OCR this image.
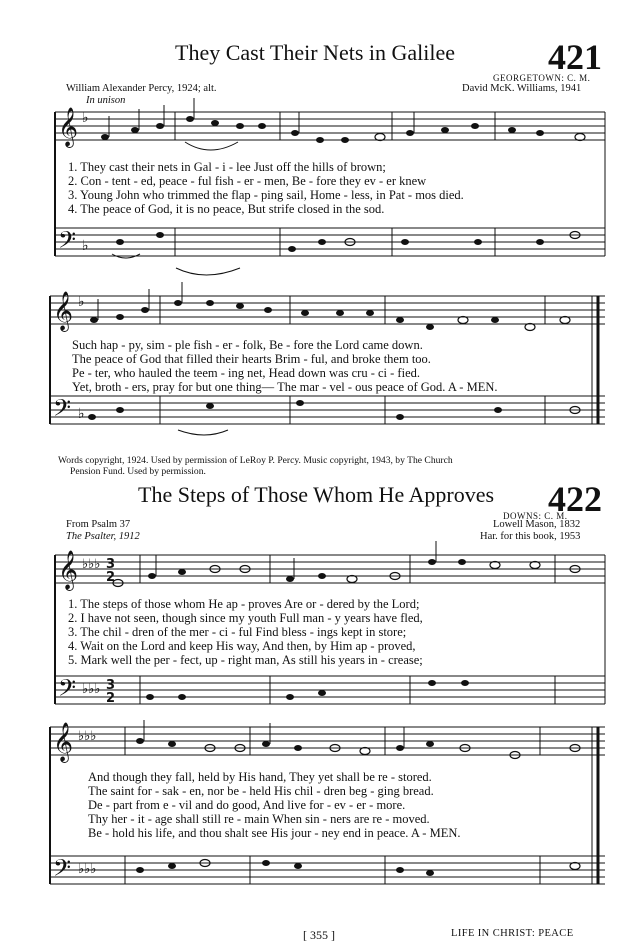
They Cast Their Nets in Galilee	421
GEORGETOWN: C. M.
William Alexander Percy, 1924; alt.	David McK. Williams, 1941
In unison
𝄞
𝄢
𝄞
𝄢
𝄞
𝄢
𝄞
𝄢
♭
♭
♭
♭
♭♭♭
♭♭♭
♭♭♭
♭♭♭
3
2
3
2
1. They cast their nets in Gal - i - lee Just off the hills of brown;
2. Con - tent - ed, peace - ful fish - er - men, Be - fore they ev - er knew
3. Young John who trimmed the flap - ping sail, Home - less, in Pat - mos died.
4. The peace of God, it is no peace, But strife closed in the sod.
Such hap - py, sim - ple fish - er - folk, Be - fore the Lord came down.
The peace of God that filled their hearts Brim - ful, and broke them too.
Pe - ter, who hauled the teem - ing net, Head down was cru - ci - fied.
Yet, broth - ers, pray for but one thing— The mar - vel - ous peace of God. A - MEN.
Words copyright, 1924. Used by permission of LeRoy P. Percy. Music copyright, 1943, by The Church
Pension Fund. Used by permission.
The Steps of Those Whom He Approves 422
DOWNS: C. M.
From Psalm 37
The Psalter, 1912
Lowell Mason, 1832
Har. for this book, 1953
1. The steps of those whom He ap - proves Are or - dered by the Lord;
2. I have not seen, though since my youth Full man - y years have fled,
3. The chil - dren of the mer - ci - ful Find bless - ings kept in store;
4. Wait on the Lord and keep His way, And then, by Him ap - proved,
5. Mark well the per - fect, up - right man, As still his years in - crease;
And though they fall, held by His hand, They yet shall be re - stored.
The saint for - sak - en, nor be - held His chil - dren beg - ging bread.
De - part from e - vil and do good, And live for - ev - er - more.
Thy her - it - age shall still re - main When sin - ners are re - moved.
Be - hold his life, and thou shalt see His jour - ney end in peace. A - MEN.
[ 355 ]	LIFE IN CHRIST: PEACE
